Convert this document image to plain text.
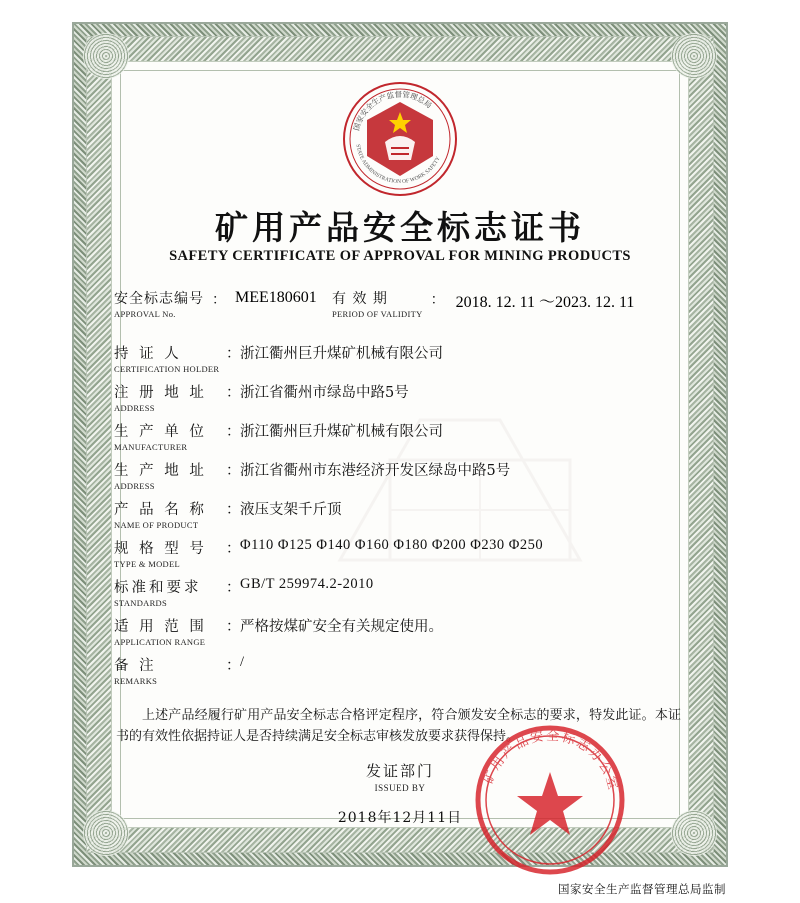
国家安全生产监督管理总局
STATE ADMINISTRATION OF WORK SAFETY
矿用产品安全标志证书
SAFETY CERTIFICATE OF APPROVAL FOR MINING PRODUCTS
安全标志编号
APPROVAL No.
： MEE180601 有 效 期
PERIOD OF VALIDITY
： 2018. 12. 11 ～2023. 12. 11
持 证 人
CERTIFICATION HOLDER
： 浙江衢州巨升煤矿机械有限公司
注 册 地 址
ADDRESS
： 浙江省衢州市绿岛中路5号
生 产 单 位
MANUFACTURER
： 浙江衢州巨升煤矿机械有限公司
生 产 地 址
ADDRESS
： 浙江省衢州市东港经济开发区绿岛中路5号
产 品 名 称
NAME OF PRODUCT
： 液压支架千斤顶
规 格 型 号
TYPE & MODEL
： Φ110 Φ125 Φ140 Φ160 Φ180 Φ200 Φ230 Φ250
标准和要求
STANDARDS
： GB/T 259974.2-2010
适 用 范 围
APPLICATION RANGE
： 严格按煤矿安全有关规定使用。
备 注
REMARKS
： /
上述产品经履行矿用产品安全标志合格评定程序，符合颁发安全标志的要求，特发此证。本证书的有效性依据持证人是否持续满足安全标志审核发放要求获得保持。
发证部门
ISSUED BY
2018年12月11日
矿用产品安全标志办公室
国家安全生产监督管理总局监制
